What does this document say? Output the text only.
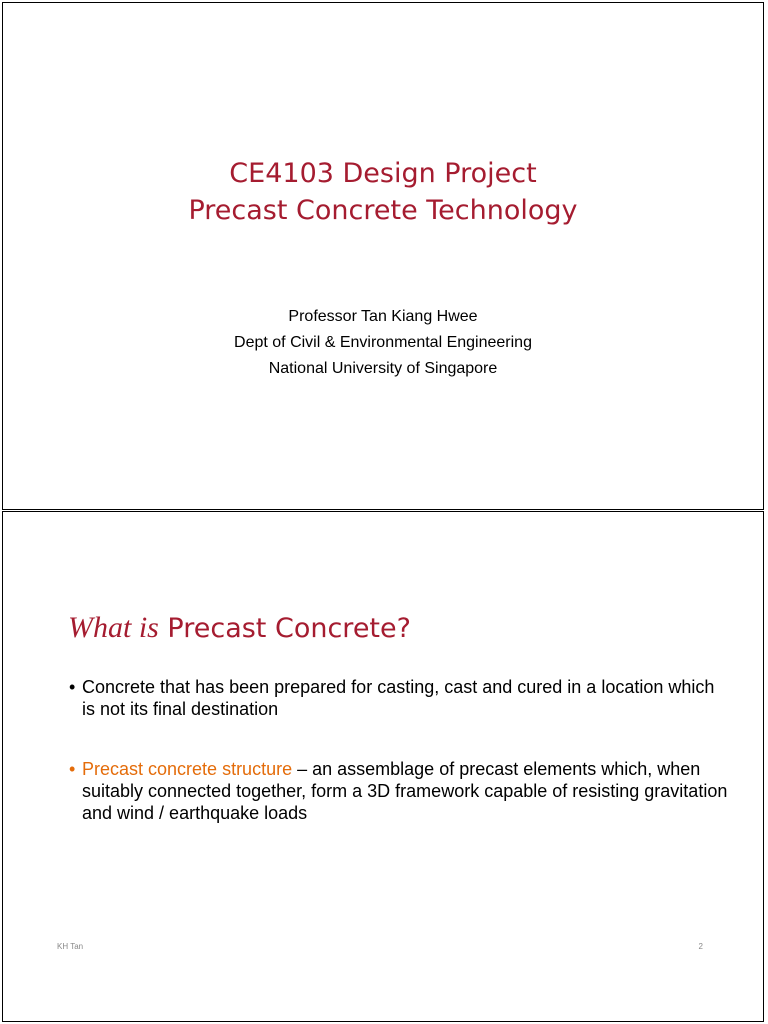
CE4103 Design Project
Precast Concrete Technology
Professor Tan Kiang Hwee
Dept of Civil & Environmental Engineering
National University of Singapore
What is Precast Concrete?
• Concrete that has been prepared for casting, cast and cured in a location which is not its final destination
• Precast concrete structure – an assemblage of precast elements which, when suitably connected together, form a 3D framework capable of resisting gravitation and wind / earthquake loads
KH Tan	2
